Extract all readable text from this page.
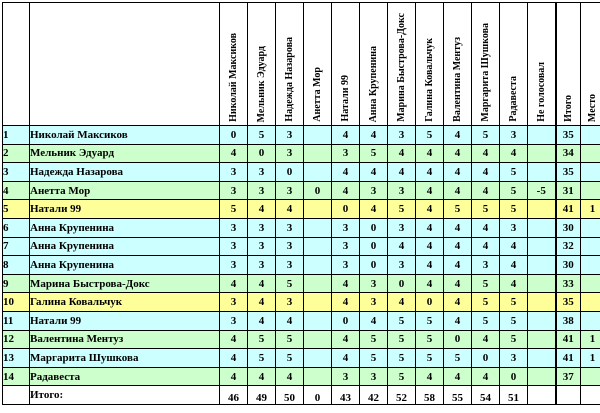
		Николай Максиков	Мельник Эдуард	Надежда Назарова	Анетта Мор	Натали 99	Анна Крупенина	Марина Быстрова-Докс	Галина Ковальчук	Валентина Ментуз	Маргарита Шушкова	Радавеста	Не голосовал	Итого	Место
1	Николай Максиков	0	5	3		4	4	3	5	4	5	3		35	
2	Мельник Эдуард	4	0	3		3	5	4	4	4	4	4		34	
3	Надежда Назарова	3	3	0		4	4	4	4	4	4	5		35	
4	Анетта Мор	3	3	3	0	4	3	3	4	4	4	5	-5	31	
5	Натали 99	5	4	4		0	4	5	4	5	5	5		41	1
6	Анна Крупенина	3	3	3		3	0	3	4	4	4	3		30	
7	Анна Крупенина	3	3	3		3	0	4	4	4	4	4		32	
8	Анна Крупенина	3	3	3		3	0	3	4	4	3	4		30	
9	Марина Быстрова-Докс	4	4	5		4	3	0	4	4	5	4		33	
10	Галина Ковальчук	3	4	3		4	3	4	0	4	5	5		35	
11	Натали 99	3	4	4		0	4	5	5	4	5	5		38	
12	Валентина Ментуз	4	5	5		4	5	5	5	0	4	5		41	1
13	Маргарита Шушкова	4	5	5		4	5	5	5	5	0	3		41	1
14	Радавеста	4	4	4		3	3	5	4	4	4	0		37	
	Итого:	46	49	50	0	43	42	52	58	55	54	51			
